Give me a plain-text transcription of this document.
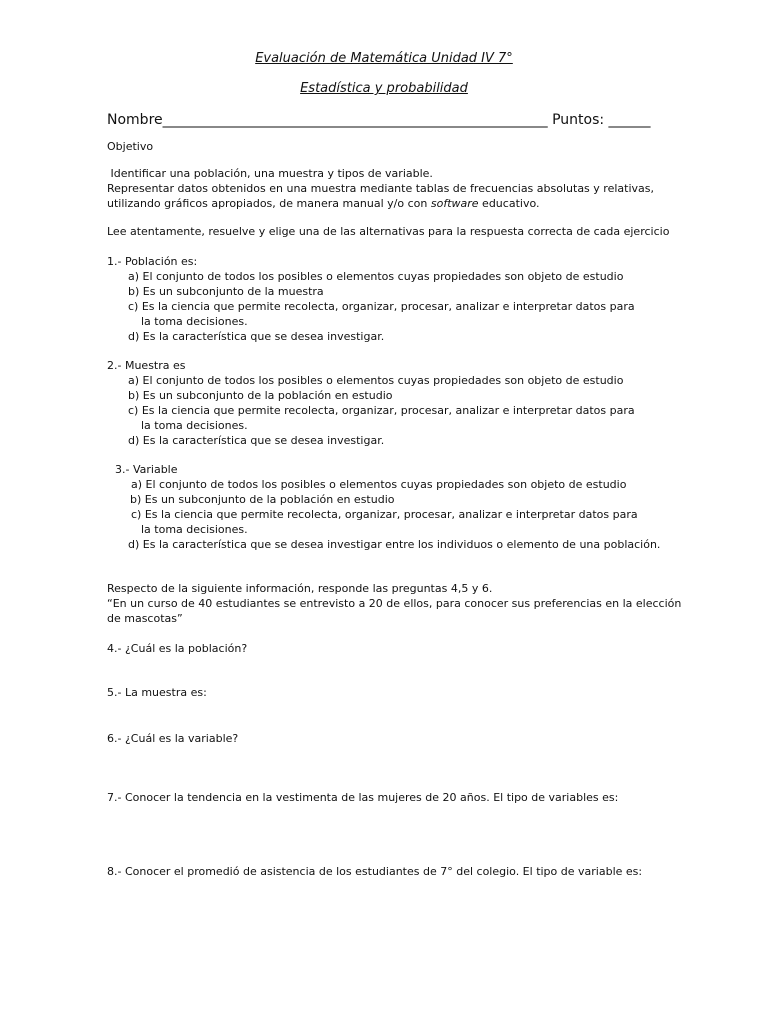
Evaluación de Matemática Unidad IV 7°
Estadística y probabilidad
Nombre_______________________________________________________ Puntos: ______
Objetivo
Identificar una población, una muestra y tipos de variable.
Representar datos obtenidos en una muestra mediante tablas de frecuencias absolutas y relativas,
utilizando gráficos apropiados, de manera manual y/o con software educativo.
Lee atentamente, resuelve y elige una de las alternativas para la respuesta correcta de cada ejercicio
1.- Población es:
a) El conjunto de todos los posibles o elementos cuyas propiedades son objeto de estudio
b) Es un subconjunto de la muestra
c) Es la ciencia que permite recolecta, organizar, procesar, analizar e interpretar datos para
la toma decisiones.
d) Es la característica que se desea investigar.
2.- Muestra es
a) El conjunto de todos los posibles o elementos cuyas propiedades son objeto de estudio
b) Es un subconjunto de la población en estudio
c) Es la ciencia que permite recolecta, organizar, procesar, analizar e interpretar datos para
la toma decisiones.
d) Es la característica que se desea investigar.
3.- Variable
a) El conjunto de todos los posibles o elementos cuyas propiedades son objeto de estudio
b) Es un subconjunto de la población en estudio
c) Es la ciencia que permite recolecta, organizar, procesar, analizar e interpretar datos para
la toma decisiones.
d) Es la característica que se desea investigar entre los individuos o elemento de una población.
Respecto de la siguiente información, responde las preguntas 4,5 y 6.
“En un curso de 40 estudiantes se entrevisto a 20 de ellos, para conocer sus preferencias en la elección
de mascotas”
4.- ¿Cuál es la población?
5.- La muestra es:
6.- ¿Cuál es la variable?
7.- Conocer la tendencia en la vestimenta de las mujeres de 20 años. El tipo de variables es:
8.- Conocer el promedió de asistencia de los estudiantes de 7° del colegio. El tipo de variable es:
